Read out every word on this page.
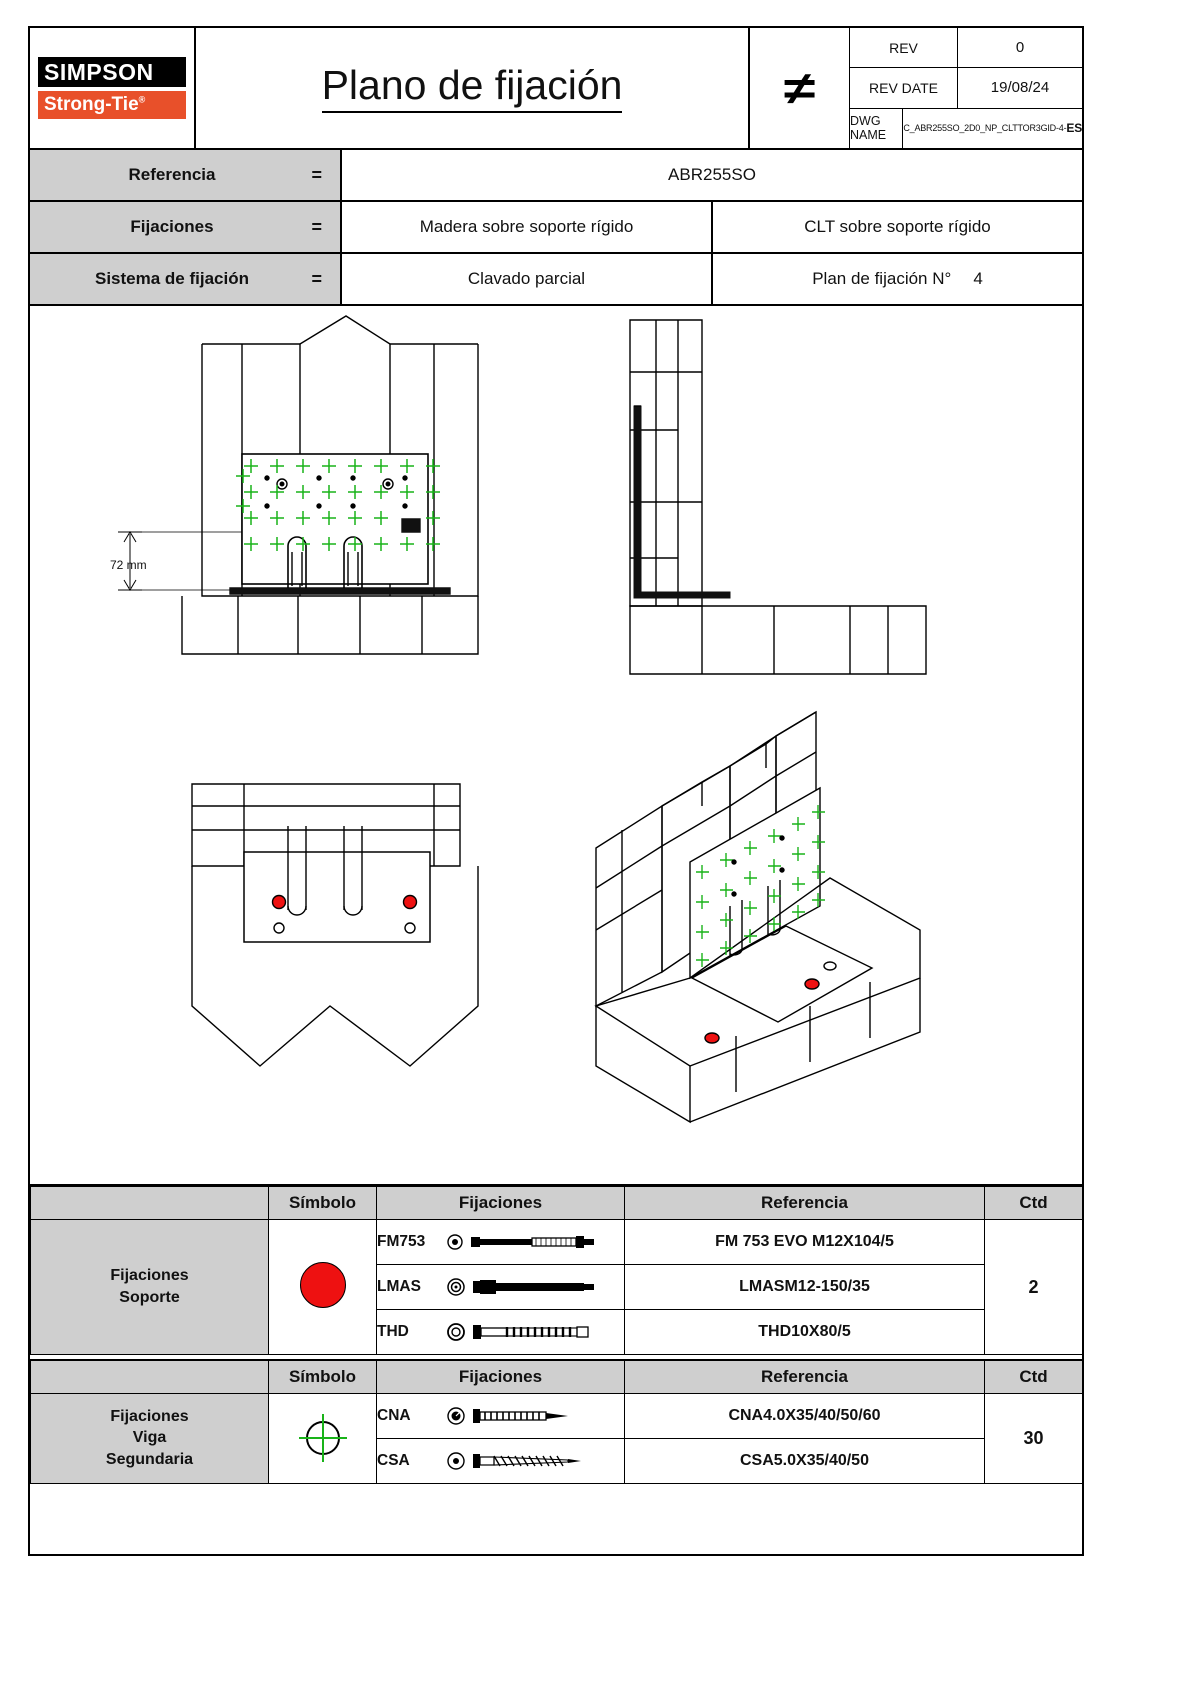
SIMPSON
Strong-Tie®	Plano de fijación	≠
REV	0
REV DATE	19/08/24
DWG NAME	C_ABR255SO_2D0_NP_CLTTOR3GID-4- ES
Referencia	=	ABR255SO
Fijaciones	=	Madera sobre soporte rígido	CLT sobre soporte rígido
Sistema de fijación	=	Clavado parcial	Plan de fijación N° 4
72 mm
	Símbolo	Fijaciones	Referencia	Ctd

Fijaciones
Soporte		FM753	FM 753 EVO M12X104/5	2

		LMAS	LMASM12-150/35	

		THD	THD10X80/5	
	Símbolo	Fijaciones	Referencia	Ctd

Fijaciones
Viga
Segundaria		CNA	CNA4.0X35/40/50/60	30

		CSA	CSA5.0X35/40/50	
